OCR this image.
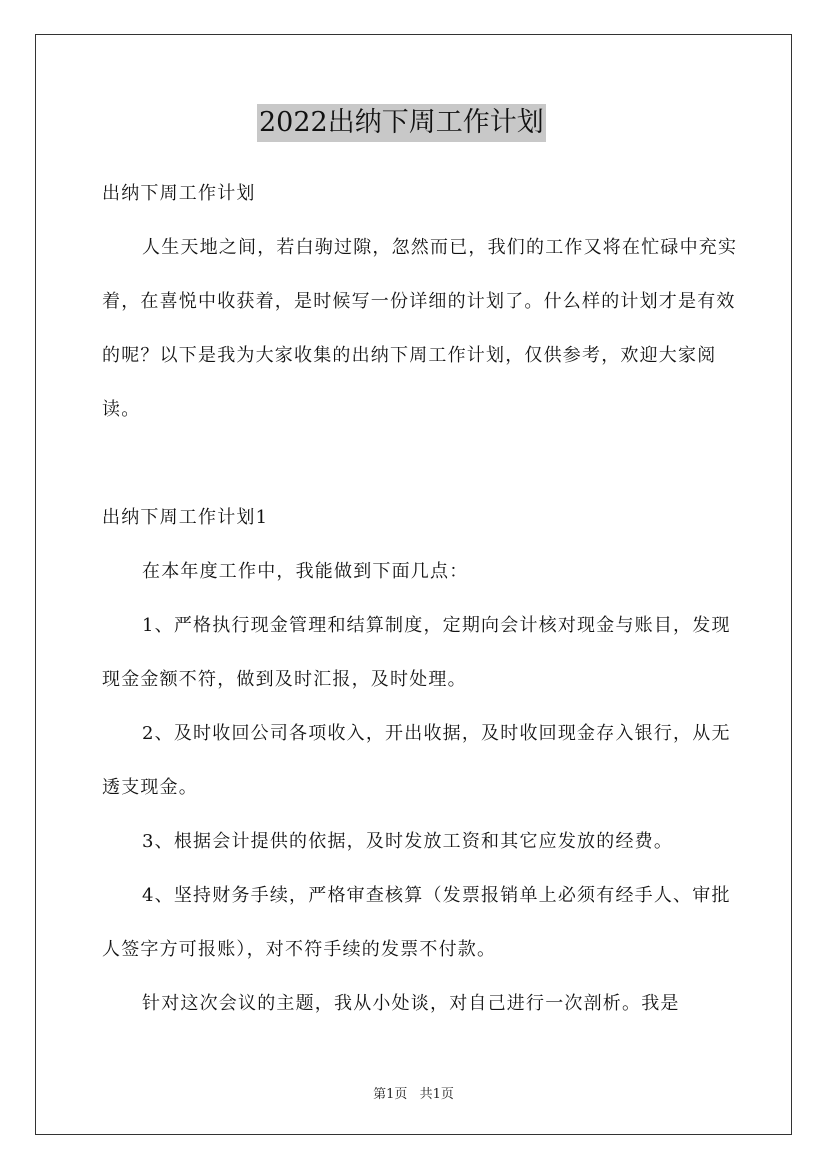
2022出纳下周工作计划

出纳下周工作计划

人生天地之间，若白驹过隙，忽然而已，我们的工作又将在忙碌中充实着，在喜悦中收获着，是时候写一份详细的计划了。什么样的计划才是有效的呢？以下是我为大家收集的出纳下周工作计划，仅供参考，欢迎大家阅读。

出纳下周工作计划1

在本年度工作中，我能做到下面几点：

1、严格执行现金管理和结算制度，定期向会计核对现金与账目，发现现金金额不符，做到及时汇报，及时处理。

2、及时收回公司各项收入，开出收据，及时收回现金存入银行，从无透支现金。

3、根据会计提供的依据，及时发放工资和其它应发放的经费。

4、坚持财务手续，严格审查核算（发票报销单上必须有经手人、审批人签字方可报账），对不符手续的发票不付款。

针对这次会议的主题，我从小处谈，对自己进行一次剖析。我是

第1页 共1页
